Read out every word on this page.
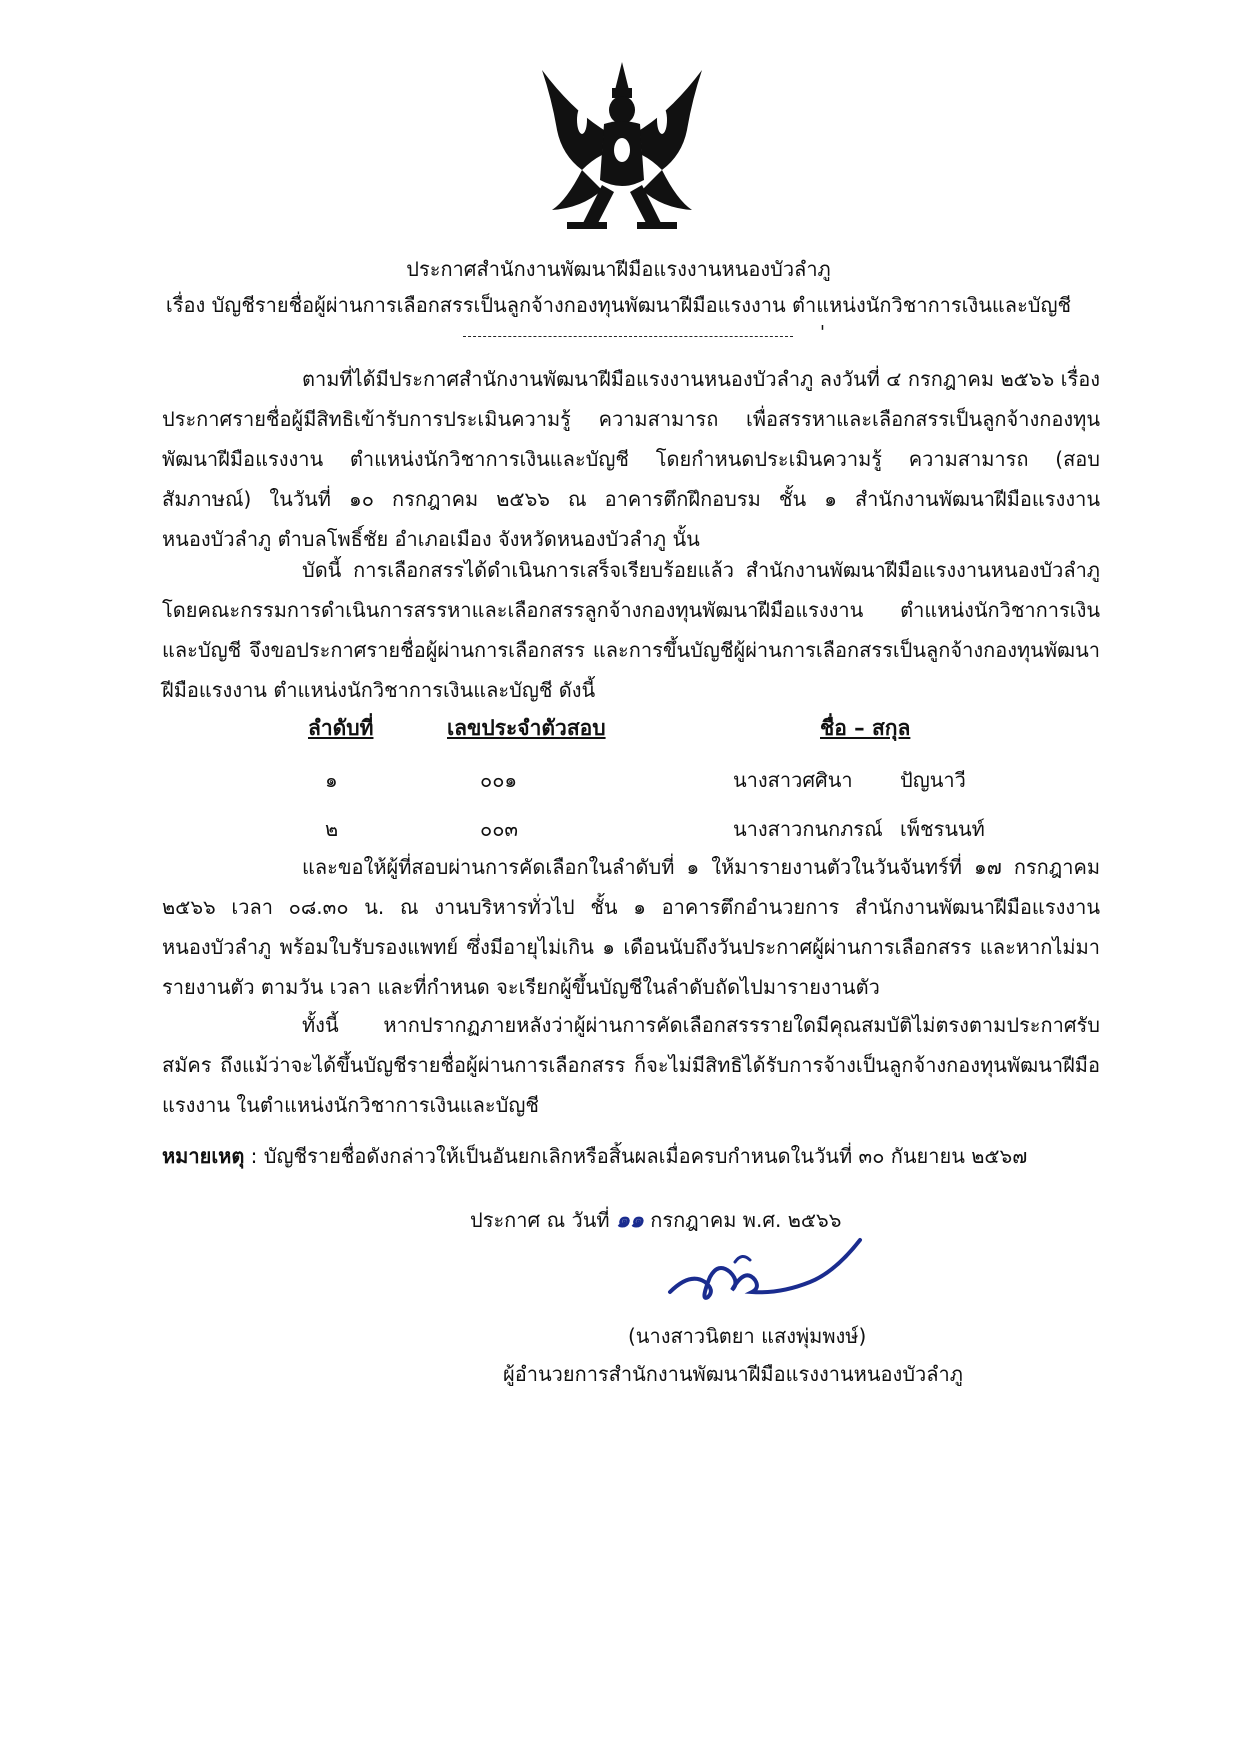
ประกาศสำนักงานพัฒนาฝีมือแรงงานหนองบัวลำภู
เรื่อง บัญชีรายชื่อผู้ผ่านการเลือกสรรเป็นลูกจ้างกองทุนพัฒนาฝีมือแรงงาน ตำแหน่งนักวิชาการเงินและบัญชี
'
ตามที่ได้มีประกาศสำนักงานพัฒนาฝีมือแรงงานหนองบัวลำภู ลงวันที่ ๔ กรกฎาคม ๒๕๖๖ เรื่อง ประกาศรายชื่อผู้มีสิทธิเข้ารับการประเมินความรู้ ความสามารถ เพื่อสรรหาและเลือกสรรเป็นลูกจ้างกองทุนพัฒนาฝีมือแรงงาน ตำแหน่งนักวิชาการเงินและบัญชี โดยกำหนดประเมินความรู้ ความสามารถ (สอบสัมภาษณ์) ในวันที่ ๑๐ กรกฎาคม ๒๕๖๖ ณ อาคารตึกฝึกอบรม ชั้น ๑ สำนักงานพัฒนาฝีมือแรงงานหนองบัวลำภู ตำบลโพธิ์ชัย อำเภอเมือง จังหวัดหนองบัวลำภู นั้น
บัดนี้ การเลือกสรรได้ดำเนินการเสร็จเรียบร้อยแล้ว สำนักงานพัฒนาฝีมือแรงงานหนองบัวลำภู โดยคณะกรรมการดำเนินการสรรหาและเลือกสรรลูกจ้างกองทุนพัฒนาฝีมือแรงงาน ตำแหน่งนักวิชาการเงินและบัญชี จึงขอประกาศรายชื่อผู้ผ่านการเลือกสรร และการขึ้นบัญชีผู้ผ่านการเลือกสรรเป็นลูกจ้างกองทุนพัฒนาฝีมือแรงงาน ตำแหน่งนักวิชาการเงินและบัญชี ดังนี้
ลำดับที่	เลขประจำตัวสอบ	ชื่อ – สกุล
๑	๐๐๑	นางสาวศศินา ปัญนาวี
๒	๐๐๓	นางสาวกนกภรณ์ เพ็ชรนนท์
และขอให้ผู้ที่สอบผ่านการคัดเลือกในลำดับที่ ๑ ให้มารายงานตัวในวันจันทร์ที่ ๑๗ กรกฎาคม ๒๕๖๖ เวลา ๐๘.๓๐ น. ณ งานบริหารทั่วไป ชั้น ๑ อาคารตึกอำนวยการ สำนักงานพัฒนาฝีมือแรงงานหนองบัวลำภู พร้อมใบรับรองแพทย์ ซึ่งมีอายุไม่เกิน ๑ เดือนนับถึงวันประกาศผู้ผ่านการเลือกสรร และหากไม่มารายงานตัว ตามวัน เวลา และที่กำหนด จะเรียกผู้ขึ้นบัญชีในลำดับถัดไปมารายงานตัว
ทั้งนี้ หากปรากฏภายหลังว่าผู้ผ่านการคัดเลือกสรรรายใดมีคุณสมบัติไม่ตรงตามประกาศรับสมัคร ถึงแม้ว่าจะได้ขึ้นบัญชีรายชื่อผู้ผ่านการเลือกสรร ก็จะไม่มีสิทธิได้รับการจ้างเป็นลูกจ้างกองทุนพัฒนาฝีมือแรงงาน ในตำแหน่งนักวิชาการเงินและบัญชี
หมายเหตุ : บัญชีรายชื่อดังกล่าวให้เป็นอันยกเลิกหรือสิ้นผลเมื่อครบกำหนดในวันที่ ๓๐ กันยายน ๒๕๖๗
ประกาศ ณ วันที่ ๑๑ กรกฎาคม พ.ศ. ๒๕๖๖
(นางสาวนิตยา แสงพุ่มพงษ์)
ผู้อำนวยการสำนักงานพัฒนาฝีมือแรงงานหนองบัวลำภู
